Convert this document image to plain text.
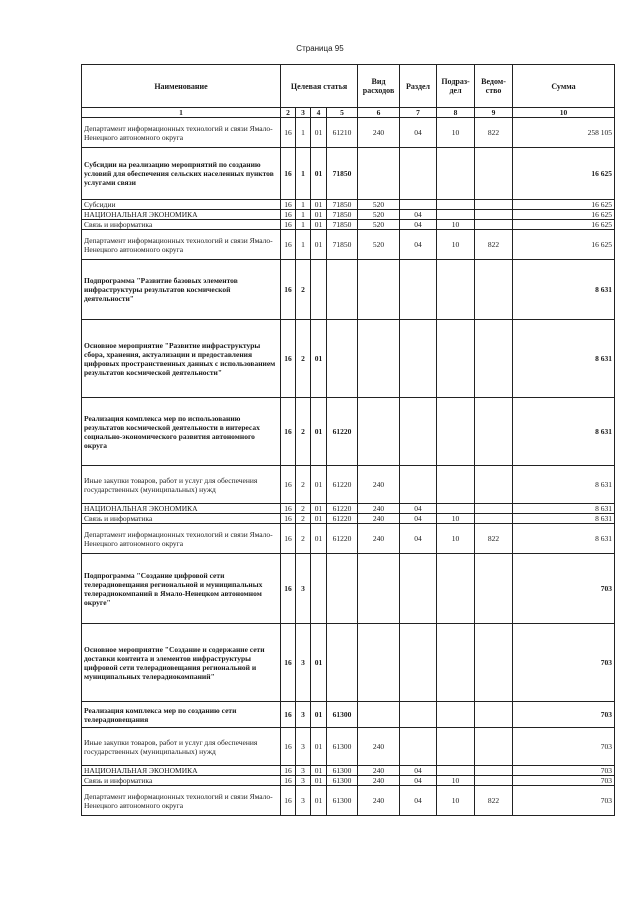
Страница 95
Наименование	Целевая статья				Вид расходов	Раздел	Подраз-дел	Ведом-ство	Сумма
1	2	3	4	5	6	7	8	9	10
Департамент информационных технологий и связи Ямало-Ненецкого автономного округа	16	1	01	61210	240	04	10	822	258 105
Субсидии на реализацию мероприятий по созданию условий для обеспечения сельских населенных пунктов услугами связи	16	1	01	71850					16 625
Субсидии	16	1	01	71850	520				16 625
НАЦИОНАЛЬНАЯ ЭКОНОМИКА	16	1	01	71850	520	04			16 625
Связь и информатика	16	1	01	71850	520	04	10		16 625
Департамент информационных технологий и связи Ямало-Ненецкого автономного округа	16	1	01	71850	520	04	10	822	16 625
Подпрограмма "Развитие базовых элементов инфраструктуры результатов космической деятельности"	16	2							8 631
Основное мероприятие "Развитие инфраструктуры сбора, хранения, актуализации и предоставления цифровых пространственных данных с использованием результатов космической деятельности"	16	2	01						8 631
Реализация комплекса мер по использованию результатов космической деятельности в интересах социально-экономического развития автономного округа	16	2	01	61220					8 631
Иные закупки товаров, работ и услуг для обеспечения государственных (муниципальных) нужд	16	2	01	61220	240				8 631
НАЦИОНАЛЬНАЯ ЭКОНОМИКА	16	2	01	61220	240	04			8 631
Связь и информатика	16	2	01	61220	240	04	10		8 631
Департамент информационных технологий и связи Ямало-Ненецкого автономного округа	16	2	01	61220	240	04	10	822	8 631
Подпрограмма "Создание цифровой сети телерадиовещания региональной и муниципальных телерадиокомпаний в Ямало-Ненецком автономном округе"	16	3							703
Основное мероприятие "Создание и содержание сети доставки контента и элементов инфраструктуры цифровой сети телерадиовещания региональной и муниципальных телерадиокомпаний"	16	3	01						703
Реализация комплекса мер по созданию сети телерадиовещания	16	3	01	61300					703
Иные закупки товаров, работ и услуг для обеспечения государственных (муниципальных) нужд	16	3	01	61300	240				703
НАЦИОНАЛЬНАЯ ЭКОНОМИКА	16	3	01	61300	240	04			703
Связь и информатика	16	3	01	61300	240	04	10		703
Департамент информационных технологий и связи Ямало-Ненецкого автономного округа	16	3	01	61300	240	04	10	822	703
